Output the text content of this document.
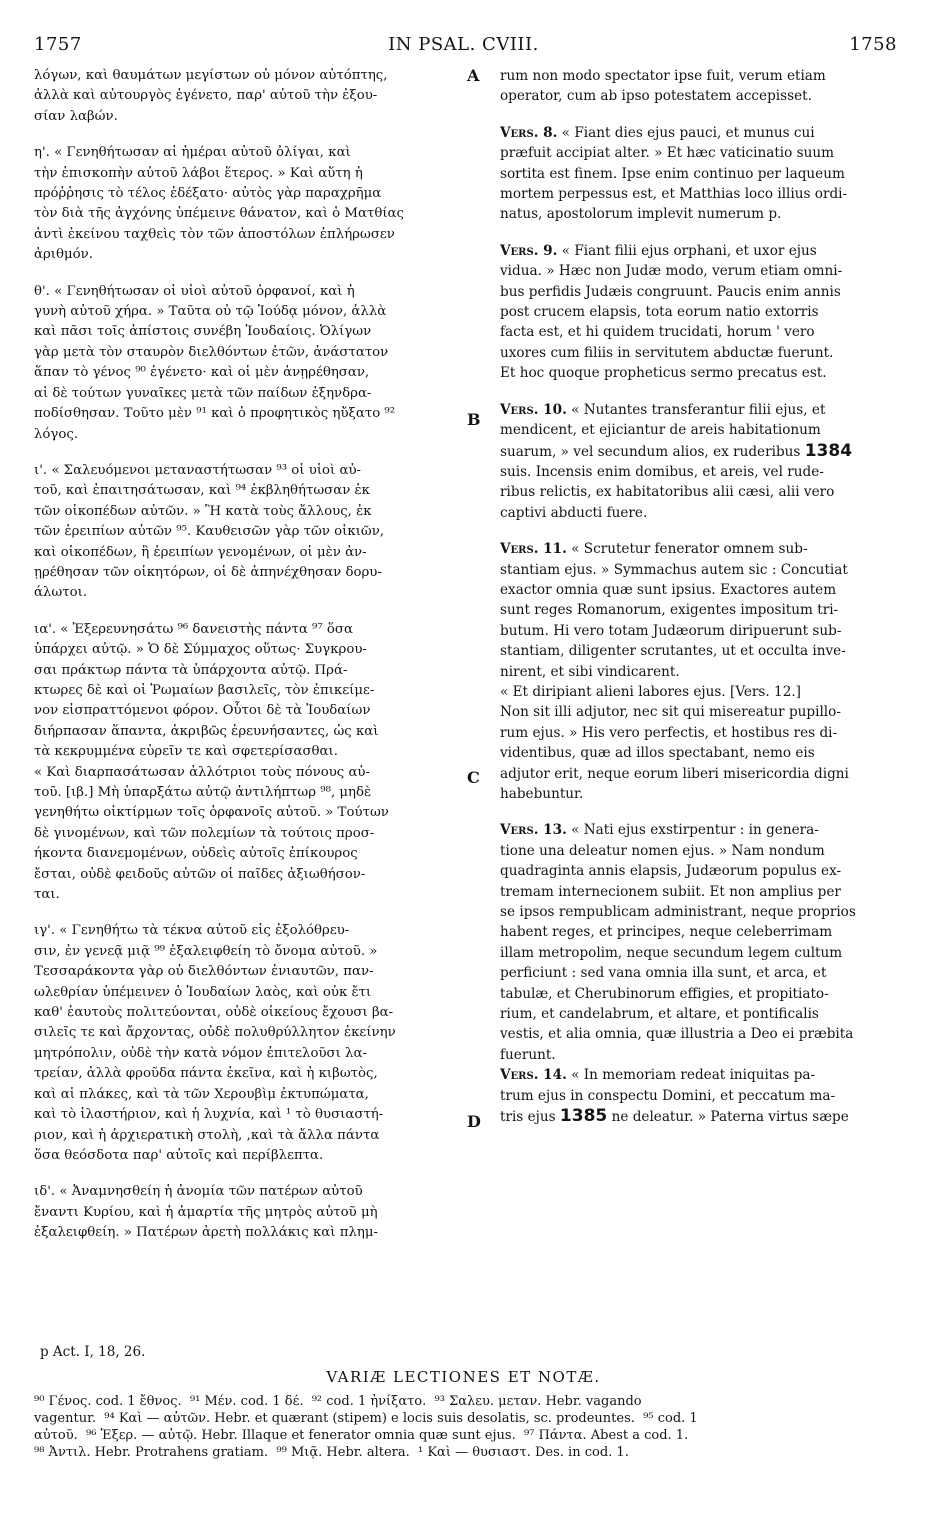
1757	IN PSAL. CVIII.	1758

λόγων, καὶ θαυμάτων μεγίστων οὐ μόνον αὐτόπτης,

ἀλλὰ καὶ αὐτουργὸς ἐγένετο, παρ' αὐτοῦ τὴν ἐξου-

σίαν λαβών.

η'. « Γενηθήτωσαν αἱ ἡμέραι αὐτοῦ ὀλίγαι, καὶ

τὴν ἐπισκοπὴν αὐτοῦ λάβοι ἕτερος. » Καὶ αὕτη ἡ

πρόῤῥησις τὸ τέλος ἐδέξατο· αὐτὸς γὰρ παραχρῆμα

τὸν διὰ τῆς ἀγχόνης ὑπέμεινε θάνατον, καὶ ὁ Ματθίας

ἀντὶ ἐκείνου ταχθεὶς τὸν τῶν ἀποστόλων ἐπλήρωσεν

ἀριθμόν.

θ'. « Γενηθήτωσαν οἱ υἱοὶ αὐτοῦ ὀρφανοί, καὶ ἡ

γυνὴ αὐτοῦ χήρα. » Ταῦτα οὐ τῷ Ἰούδᾳ μόνον, ἀλλὰ

καὶ πᾶσι τοῖς ἀπίστοις συνέβη Ἰουδαίοις. Ὀλίγων

γὰρ μετὰ τὸν σταυρὸν διελθόντων ἐτῶν, ἀνάστατον

ἅπαν τὸ γένος ⁹⁰ ἐγένετο· καὶ οἱ μὲν ἀνῃρέθησαν,

αἱ δὲ τούτων γυναῖκες μετὰ τῶν παίδων ἐξηνδρα-

ποδίσθησαν. Τοῦτο μὲν ⁹¹ καὶ ὁ προφητικὸς ηὔξατο ⁹²

λόγος.

ι'. « Σαλευόμενοι μεταναστήτωσαν ⁹³ οἱ υἱοὶ αὐ-

τοῦ, καὶ ἐπαιτησάτωσαν, καὶ ⁹⁴ ἐκβληθήτωσαν ἐκ

τῶν οἰκοπέδων αὐτῶν. » Ἢ κατὰ τοὺς ἄλλους, ἐκ

τῶν ἐρειπίων αὐτῶν ⁹⁵. Καυθεισῶν γὰρ τῶν οἰκιῶν,

καὶ οἰκοπέδων, ἢ ἐρειπίων γενομένων, οἱ μὲν ἀν-

ῃρέθησαν τῶν οἰκητόρων, οἱ δὲ ἀπηνέχθησαν δορυ-

άλωτοι.

ια'. « Ἐξερευνησάτω ⁹⁶ δανειστὴς πάντα ⁹⁷ ὅσα

ὑπάρχει αὐτῷ. » Ὁ δὲ Σύμμαχος οὕτως· Συγκρου-

σαι πράκτωρ πάντα τὰ ὑπάρχοντα αὐτῷ. Πρά-

κτωρες δὲ καὶ οἱ Ῥωμαίων βασιλεῖς, τὸν ἐπικείμε-

νον εἰσπραττόμενοι φόρον. Οὗτοι δὲ τὰ Ἰουδαίων

διήρπασαν ἅπαντα, ἀκριβῶς ἐρευνήσαντες, ὡς καὶ

τὰ κεκρυμμένα εὑρεῖν τε καὶ σφετερίσασθαι.

« Καὶ διαρπασάτωσαν ἀλλότριοι τοὺς πόνους αὐ-

τοῦ. [ιβ.] Μὴ ὑπαρξάτω αὐτῷ ἀντιλήπτωρ ⁹⁸, μηδὲ

γενηθήτω οἰκτίρμων τοῖς ὀρφανοῖς αὐτοῦ. » Τούτων

δὲ γινομένων, καὶ τῶν πολεμίων τὰ τούτοις προσ-

ήκοντα διανεμομένων, οὐδεὶς αὐτοῖς ἐπίκουρος

ἔσται, οὐδὲ φειδοῦς αὐτῶν οἱ παῖδες ἀξιωθήσον-

ται.

ιγ'. « Γενηθήτω τὰ τέκνα αὐτοῦ εἰς ἐξολόθρευ-

σιν, ἐν γενεᾷ μιᾷ ⁹⁹ ἐξαλειφθείη τὸ ὄνομα αὐτοῦ. »

Τεσσαράκοντα γὰρ οὐ διελθόντων ἐνιαυτῶν, παν-

ωλεθρίαν ὑπέμεινεν ὁ Ἰουδαίων λαὸς, καὶ οὐκ ἔτι

καθ' ἑαυτοὺς πολιτεύονται, οὐδὲ οἰκείους ἔχουσι βα-

σιλεῖς τε καὶ ἄρχοντας, οὐδὲ πολυθρύλλητον ἐκείνην

μητρόπολιν, οὐδὲ τὴν κατὰ νόμον ἐπιτελοῦσι λα-

τρείαν, ἀλλὰ φροῦδα πάντα ἐκεῖνα, καὶ ἡ κιβωτὸς,

καὶ αἱ πλάκες, καὶ τὰ τῶν Χερουβὶμ ἐκτυπώματα,

καὶ τὸ ἱλαστήριον, καὶ ἡ λυχνία, καὶ ¹ τὸ θυσιαστή-

ριον, καὶ ἡ ἀρχιερατικὴ στολὴ, ,καὶ τὰ ἄλλα πάντα

ὅσα θεόσδοτα παρ' αὐτοῖς καὶ περίβλεπτα.

ιδ'. « Ἀναμνησθείη ἡ ἀνομία τῶν πατέρων αὐτοῦ

ἔναντι Κυρίου, καὶ ἡ ἁμαρτία τῆς μητρὸς αὐτοῦ μὴ

ἐξαλειφθείη. » Πατέρων ἀρετὴ πολλάκις καὶ πλημ-

rum non modo spectator ipse fuit, verum etiam

operator, cum ab ipso potestatem accepisset.

Vers. 8. « Fiant dies ejus pauci, et munus cui

præfuit accipiat alter. » Et hæc vaticinatio suum

sortita est finem. Ipse enim continuo per laqueum

mortem perpessus est, et Matthias loco illius ordi-

natus, apostolorum implevit numerum p.

Vers. 9. « Fiant filii ejus orphani, et uxor ejus

vidua. » Hæc non Judæ modo, verum etiam omni-

bus perfidis Judæis congruunt. Paucis enim annis

post crucem elapsis, tota eorum natio extorris

facta est, et hi quidem trucidati, horum ' vero

uxores cum filiis in servitutem abductæ fuerunt.

Et hoc quoque propheticus sermo precatus est.

Vers. 10. « Nutantes transferantur filii ejus, et

mendicent, et ejiciantur de areis habitationum

suarum, » vel secundum alios, ex ruderibus 1384

suis. Incensis enim domibus, et areis, vel rude-

ribus relictis, ex habitatoribus alii cæsi, alii vero

captivi abducti fuere.

Vers. 11. « Scrutetur fenerator omnem sub-

stantiam ejus. » Symmachus autem sic : Concutiat

exactor omnia quæ sunt ipsius. Exactores autem

sunt reges Romanorum, exigentes impositum tri-

butum. Hi vero totam Judæorum diripuerunt sub-

stantiam, diligenter scrutantes, ut et occulta inve-

nirent, et sibi vindicarent.

« Et diripiant alieni labores ejus. [Vers. 12.]

Non sit illi adjutor, nec sit qui misereatur pupillo-

rum ejus. » His vero perfectis, et hostibus res di-

videntibus, quæ ad illos spectabant, nemo eis

adjutor erit, neque eorum liberi misericordia digni

habebuntur.

Vers. 13. « Nati ejus exstirpentur : in genera-

tione una deleatur nomen ejus. » Nam nondum

quadraginta annis elapsis, Judæorum populus ex-

tremam internecionem subiit. Et non amplius per

se ipsos rempublicam administrant, neque proprios

habent reges, et principes, neque celeberrimam

illam metropolim, neque secundum legem cultum

perficiunt : sed vana omnia illa sunt, et arca, et

tabulæ, et Cherubinorum effigies, et propitiato-

rium, et candelabrum, et altare, et pontificalis

vestis, et alia omnia, quæ illustria a Deo ei præbita

fuerunt.

Vers. 14. « In memoriam redeat iniquitas pa-

trum ejus in conspectu Domini, et peccatum ma-

tris ejus 1385 ne deleatur. » Paterna virtus sæpe

A
B
C
D
p Act. I, 18, 26.
VARIÆ LECTIONES ET NOTÆ.

⁹⁰ Γένος. cod. 1 ἔθνος.  ⁹¹ Μέν. cod. 1 δέ.  ⁹² cod. 1 ἠνίξατο.  ⁹³ Σαλευ. μεταν. Hebr. vagando

vagentur.  ⁹⁴ Καὶ — αὐτῶν. Hebr. et quærant (stipem) e locis suis desolatis, sc. prodeuntes.  ⁹⁵ cod. 1

αὐτοῦ.  ⁹⁶ Ἐξερ. — αὐτῷ. Hebr. Illaque et fenerator omnia quæ sunt ejus.  ⁹⁷ Πάντα. Abest a cod. 1.

⁹⁸ Ἀντιλ. Hebr. Protrahens gratiam.  ⁹⁹ Μιᾷ. Hebr. altera.  ¹ Καὶ — θυσιαστ. Des. in cod. 1.
